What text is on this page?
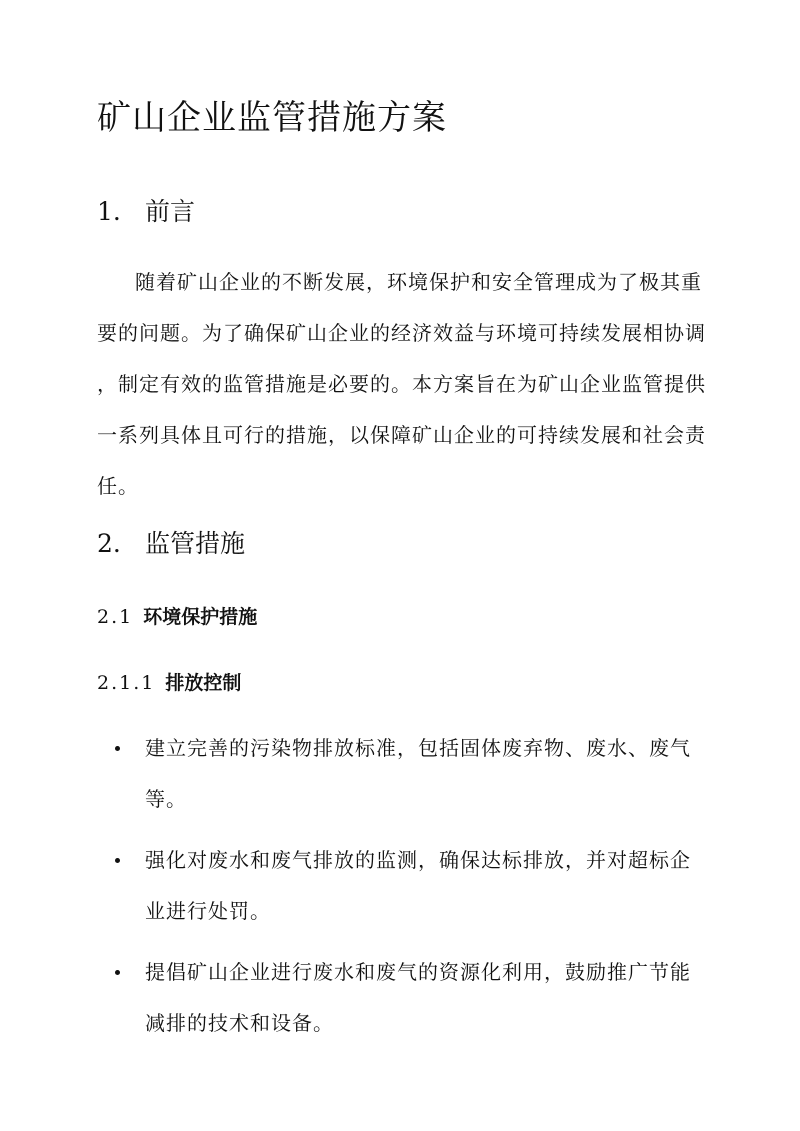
矿山企业监管措施方案
1. 前言
随着矿山企业的不断发展，环境保护和安全管理成为了极其重
要的问题。为了确保矿山企业的经济效益与环境可持续发展相协调
，制定有效的监管措施是必要的。本方案旨在为矿山企业监管提供
一系列具体且可行的措施，以保障矿山企业的可持续发展和社会责
任。
2. 监管措施
2.1 环境保护措施
2.1.1 排放控制
建立完善的污染物排放标准，包括固体废弃物、废水、废气
等。
强化对废水和废气排放的监测，确保达标排放，并对超标企
业进行处罚。
提倡矿山企业进行废水和废气的资源化利用，鼓励推广节能
减排的技术和设备。
